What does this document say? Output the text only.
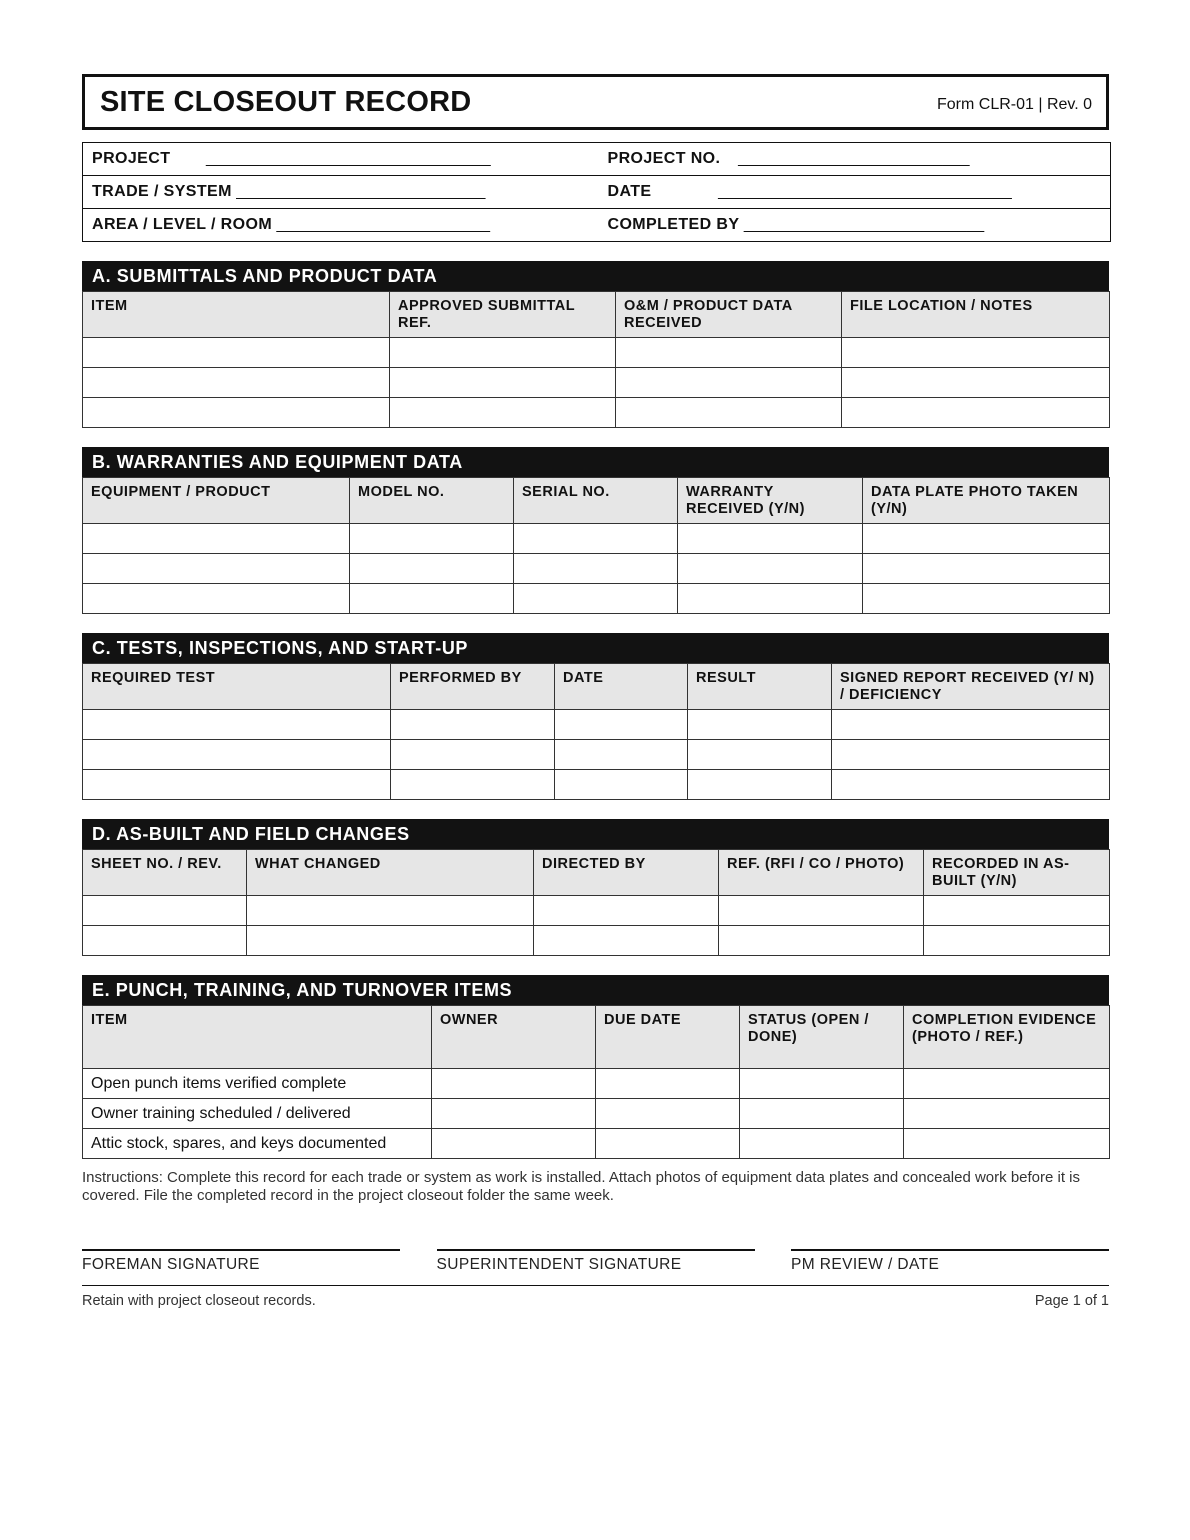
SITE CLOSEOUT RECORD	Form CLR-01 | Rev. 0
PROJECT ________________________________	PROJECT NO. __________________________
TRADE / SYSTEM ____________________________	DATE _________________________________
AREA / LEVEL / ROOM ________________________	COMPLETED BY ___________________________
A. SUBMITTALS AND PRODUCT DATA
ITEM	APPROVED SUBMITTAL REF.	O&M / PRODUCT DATA RECEIVED	FILE LOCATION / NOTES

B. WARRANTIES AND EQUIPMENT DATA
EQUIPMENT / PRODUCT	MODEL NO.	SERIAL NO.	WARRANTY RECEIVED (Y/N)	DATA PLATE PHOTO TAKEN (Y/N)

C. TESTS, INSPECTIONS, AND START-UP
REQUIRED TEST	PERFORMED BY	DATE	RESULT	SIGNED REPORT RECEIVED (Y/ N) / DEFICIENCY

D. AS-BUILT AND FIELD CHANGES
SHEET NO. / REV.	WHAT CHANGED	DIRECTED BY	REF. (RFI / CO / PHOTO)	RECORDED IN AS-BUILT (Y/N)

E. PUNCH, TRAINING, AND TURNOVER ITEMS
ITEM	OWNER	DUE DATE	STATUS (OPEN / DONE)	COMPLETION EVIDENCE (PHOTO / REF.)
Open punch items verified complete				
Owner training scheduled / delivered				
Attic stock, spares, and keys documented				
Instructions: Complete this record for each trade or system as work is installed. Attach photos of equipment data plates and concealed work before it is covered. File the completed record in the project closeout folder the same week.
FOREMAN SIGNATURE	SUPERINTENDENT SIGNATURE	PM REVIEW / DATE
Retain with project closeout records.	Page 1 of 1
